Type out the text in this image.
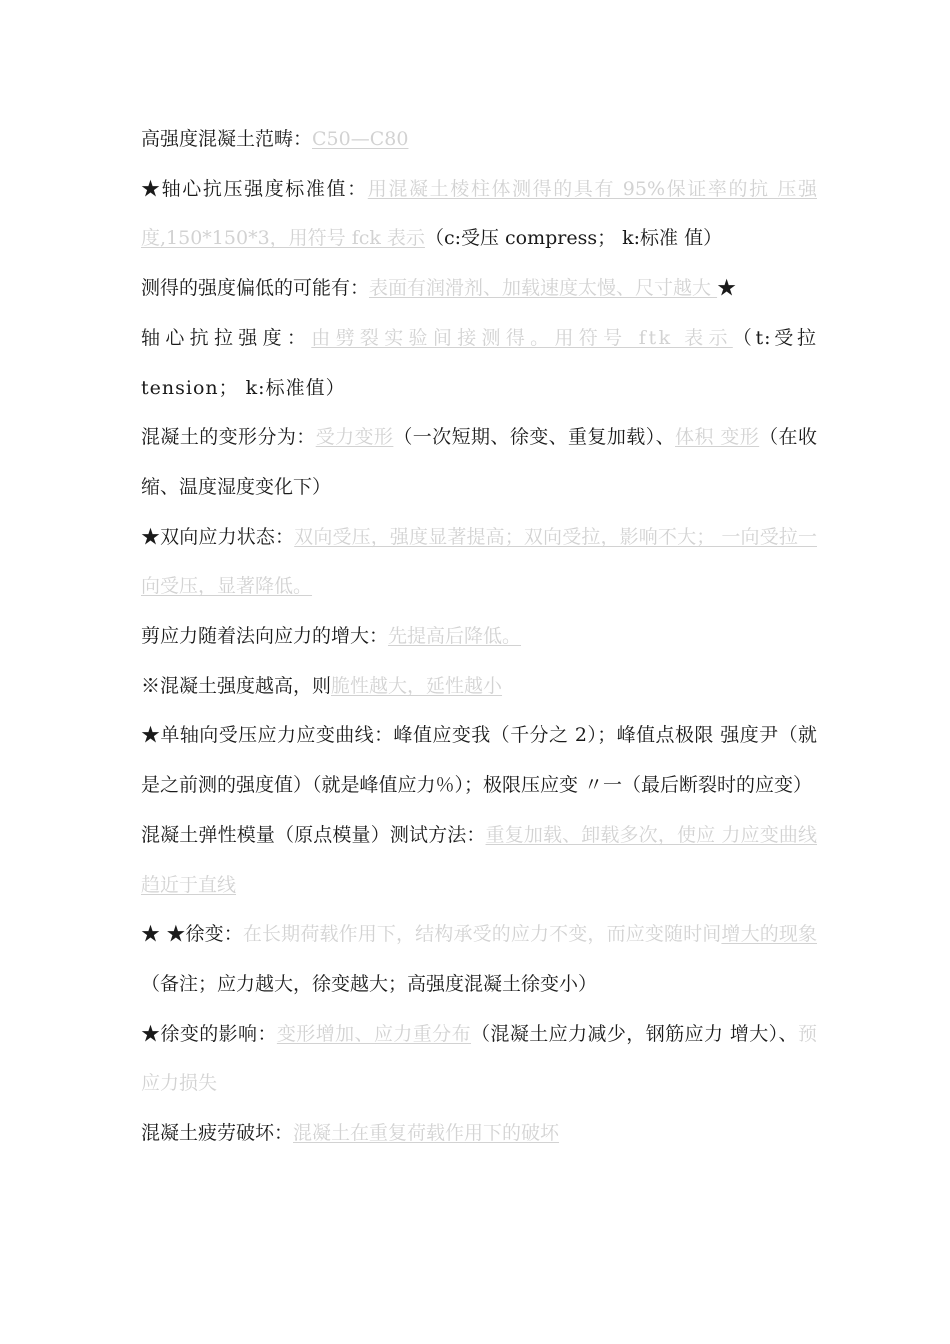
高强度混凝土范畴：C50—C80

★轴心抗压强度标准值：用混凝土棱柱体测得的具有 95%保证率的抗 压强度,150*150*3，用符号 fck 表示（c:受压 compress； k:标准 值）

测得的强度偏低的可能有：表面有润滑剂、加载速度太慢、尺寸越大 ★

轴心抗拉强度：由劈裂实验间接测得。用符号 ftk 表示（t:受拉 tension； k:标准值）

混凝土的变形分为：受力变形（一次短期、徐变、重复加载）、体积 变形（在收缩、温度湿度变化下）

★双向应力状态：双向受压，强度显著提高；双向受拉，影响不大； 一向受拉一向受压，显著降低。

剪应力随着法向应力的增大：先提高后降低。

※混凝土强度越高，则脆性越大，延性越小

★单轴向受压应力应变曲线：峰值应变我（千分之 2）；峰值点极限 强度尹（就是之前测的强度值）（就是峰值应力％）；极限压应变 〃一（最后断裂时的应变）

混凝土弹性模量（原点模量）测试方法：重复加载、卸载多次，使应 力应变曲线趋近于直线

★ ★徐变：在长期荷载作用下，结构承受的应力不变，而应变随时间增大的现象（备注；应力越大，徐变越大；高强度混凝土徐变小）

★徐变的影响：变形增加、应力重分布（混凝土应力减少，钢筋应力 增大）、预应力损失

混凝土疲劳破坏：混凝土在重复荷载作用下的破坏
